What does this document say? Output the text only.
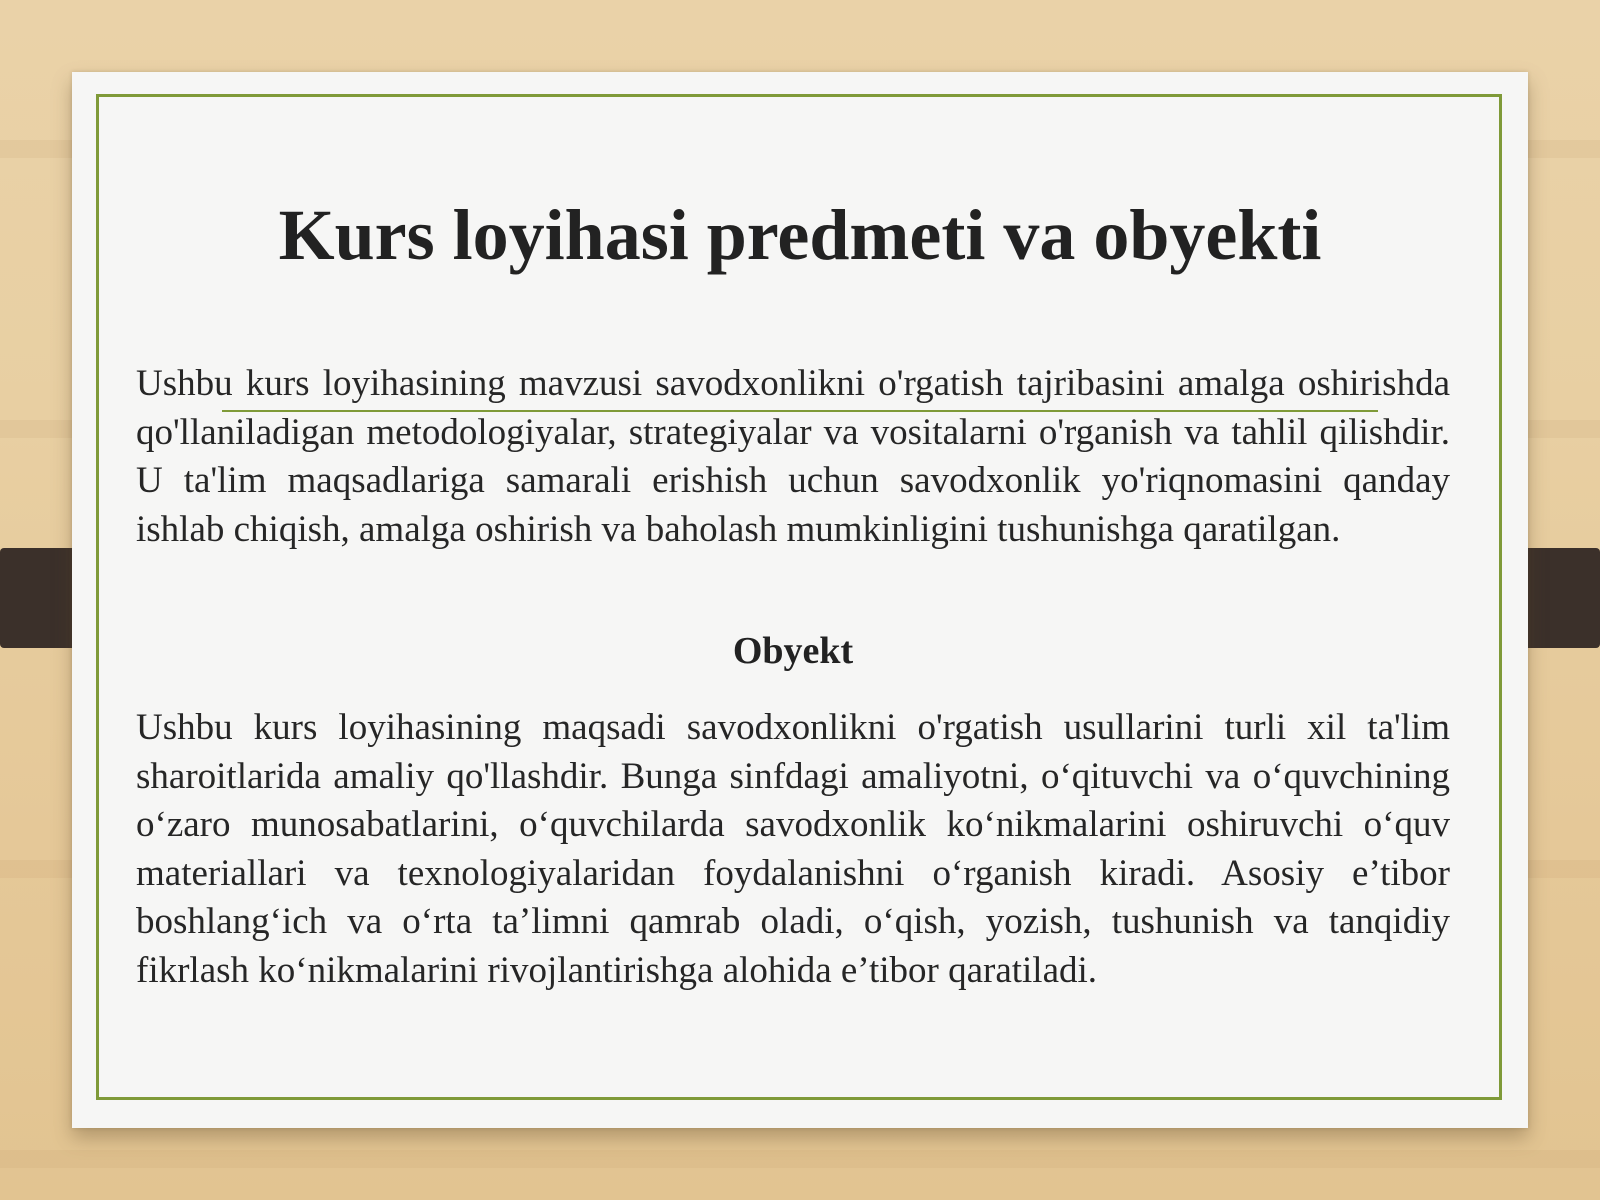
Kurs loyihasi predmeti va obyekti

Ushbu kurs loyihasining mavzusi savodxonlikni o'rgatish tajribasini amalga oshirishda qo'llaniladigan metodologiyalar, strategiyalar va vositalarni o'rganish va tahlil qilishdir. U ta'lim maqsadlariga samarali erishish uchun savodxonlik yo'riqnomasini qanday ishlab chiqish, amalga oshirish va baholash mumkinligini tushunishga qaratilgan.

Obyekt

Ushbu kurs loyihasining maqsadi savodxonlikni o'rgatish usullarini turli xil ta'lim sharoitlarida amaliy qo'llashdir. Bunga sinfdagi amaliyotni, o‘qituvchi va o‘quvchining o‘zaro munosabatlarini, o‘quvchilarda savodxonlik ko‘nikmalarini oshiruvchi o‘quv materiallari va texnologiyalaridan foydalanishni o‘rganish kiradi. Asosiy e’tibor boshlang‘ich va o‘rta ta’limni qamrab oladi, o‘qish, yozish, tushunish va tanqidiy fikrlash ko‘nikmalarini rivojlantirishga alohida e’tibor qaratiladi.
